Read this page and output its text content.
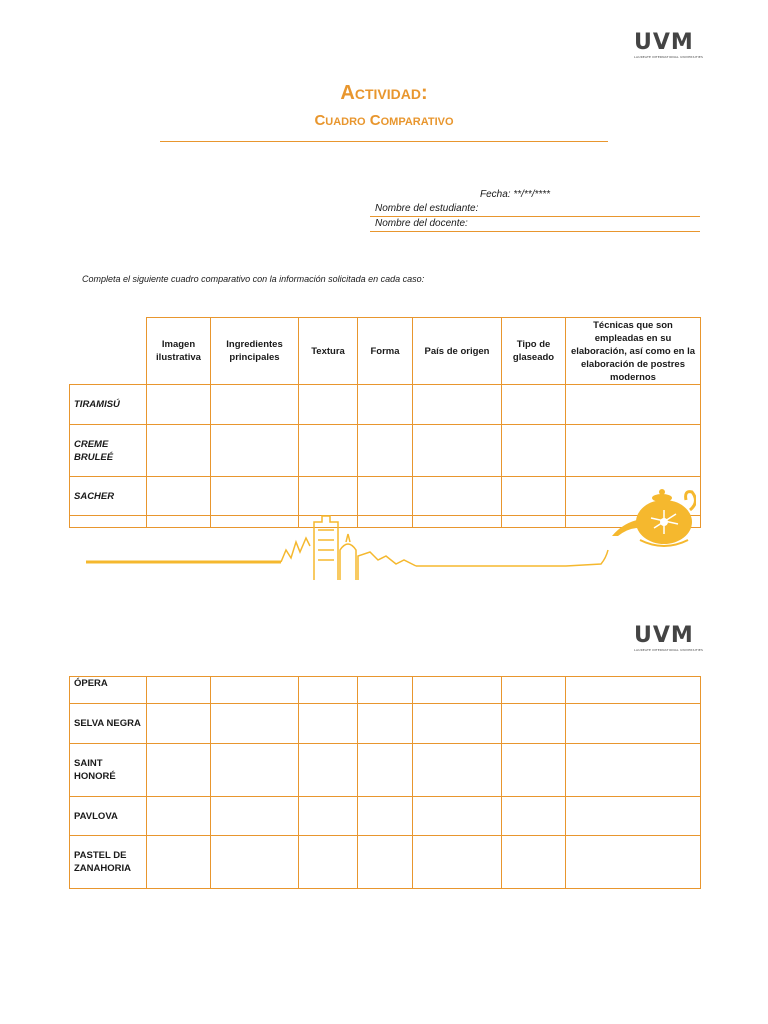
UVM
LAUREATE INTERNATIONAL UNIVERSITIES
Actividad:
Cuadro Comparativo
Fecha: **/**/****
Nombre del estudiante:
Nombre del docente:
Completa el siguiente cuadro comparativo con la información solicitada en cada caso:
	Imagen ilustrativa	Ingredientes principales	Textura	Forma	País de origen	Tipo de glaseado	Técnicas que son empleadas en su elaboración, así como en la elaboración de postres modernos
TIRAMISÚ							
CREME BRULEÉ							
SACHER							

UVM
LAUREATE INTERNATIONAL UNIVERSITIES
ÓPERA							
SELVA NEGRA							
SAINT HONORÉ							
PAVLOVA							
PASTEL DE ZANAHORIA							
